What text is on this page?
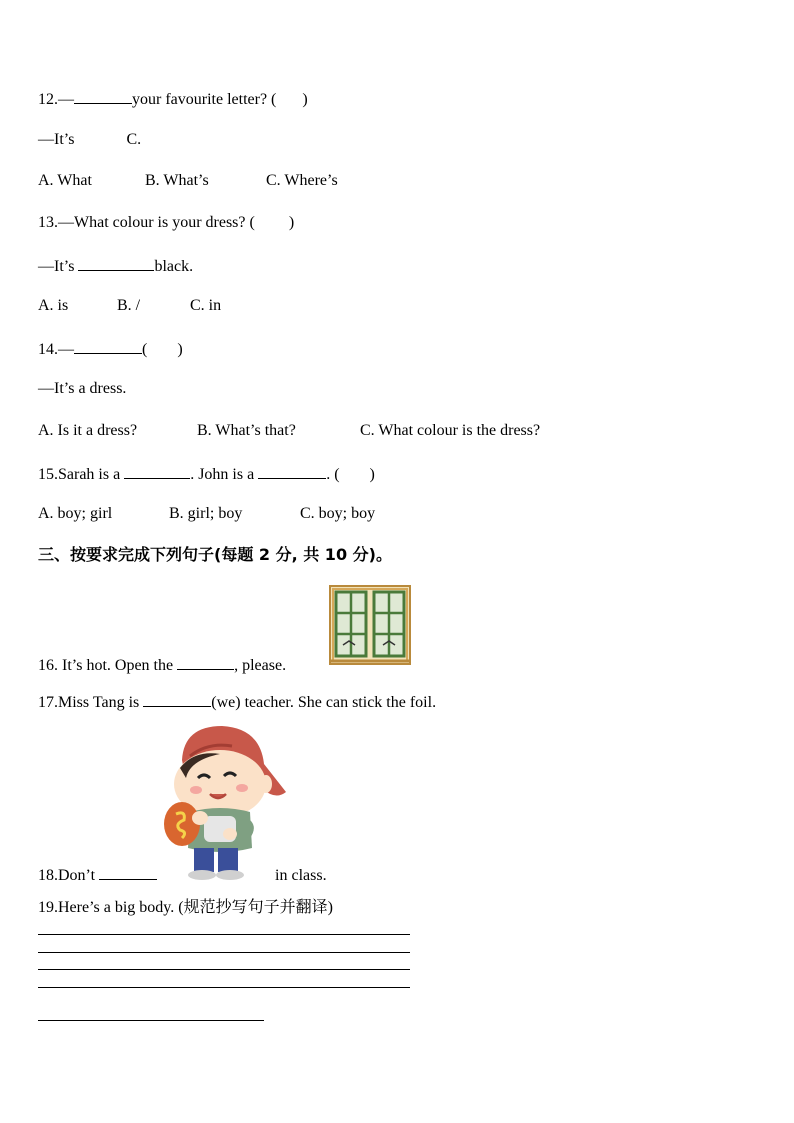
12.—	your favourite letter? ( )
—It’s	C.
A. What	B. What’s	C. Where’s
13.—What colour is your dress? ( )
—It’s	black.
A. is	B. /	C. in
14.—	( )
—It’s a dress.
A. Is it a dress?	B. What’s that?	C. What colour is the dress?
15.Sarah is a	. John is a	. ( )
A. boy; girl	B. girl; boy	C. boy; boy
三、按要求完成下列句子(每题 2 分, 共 10 分)。
16. It’s hot. Open the	, please.
17.Miss Tang is	(we) teacher. She can stick the foil.
18.Don’t	in class.
19.Here’s a big body. (规范抄写句子并翻译)
